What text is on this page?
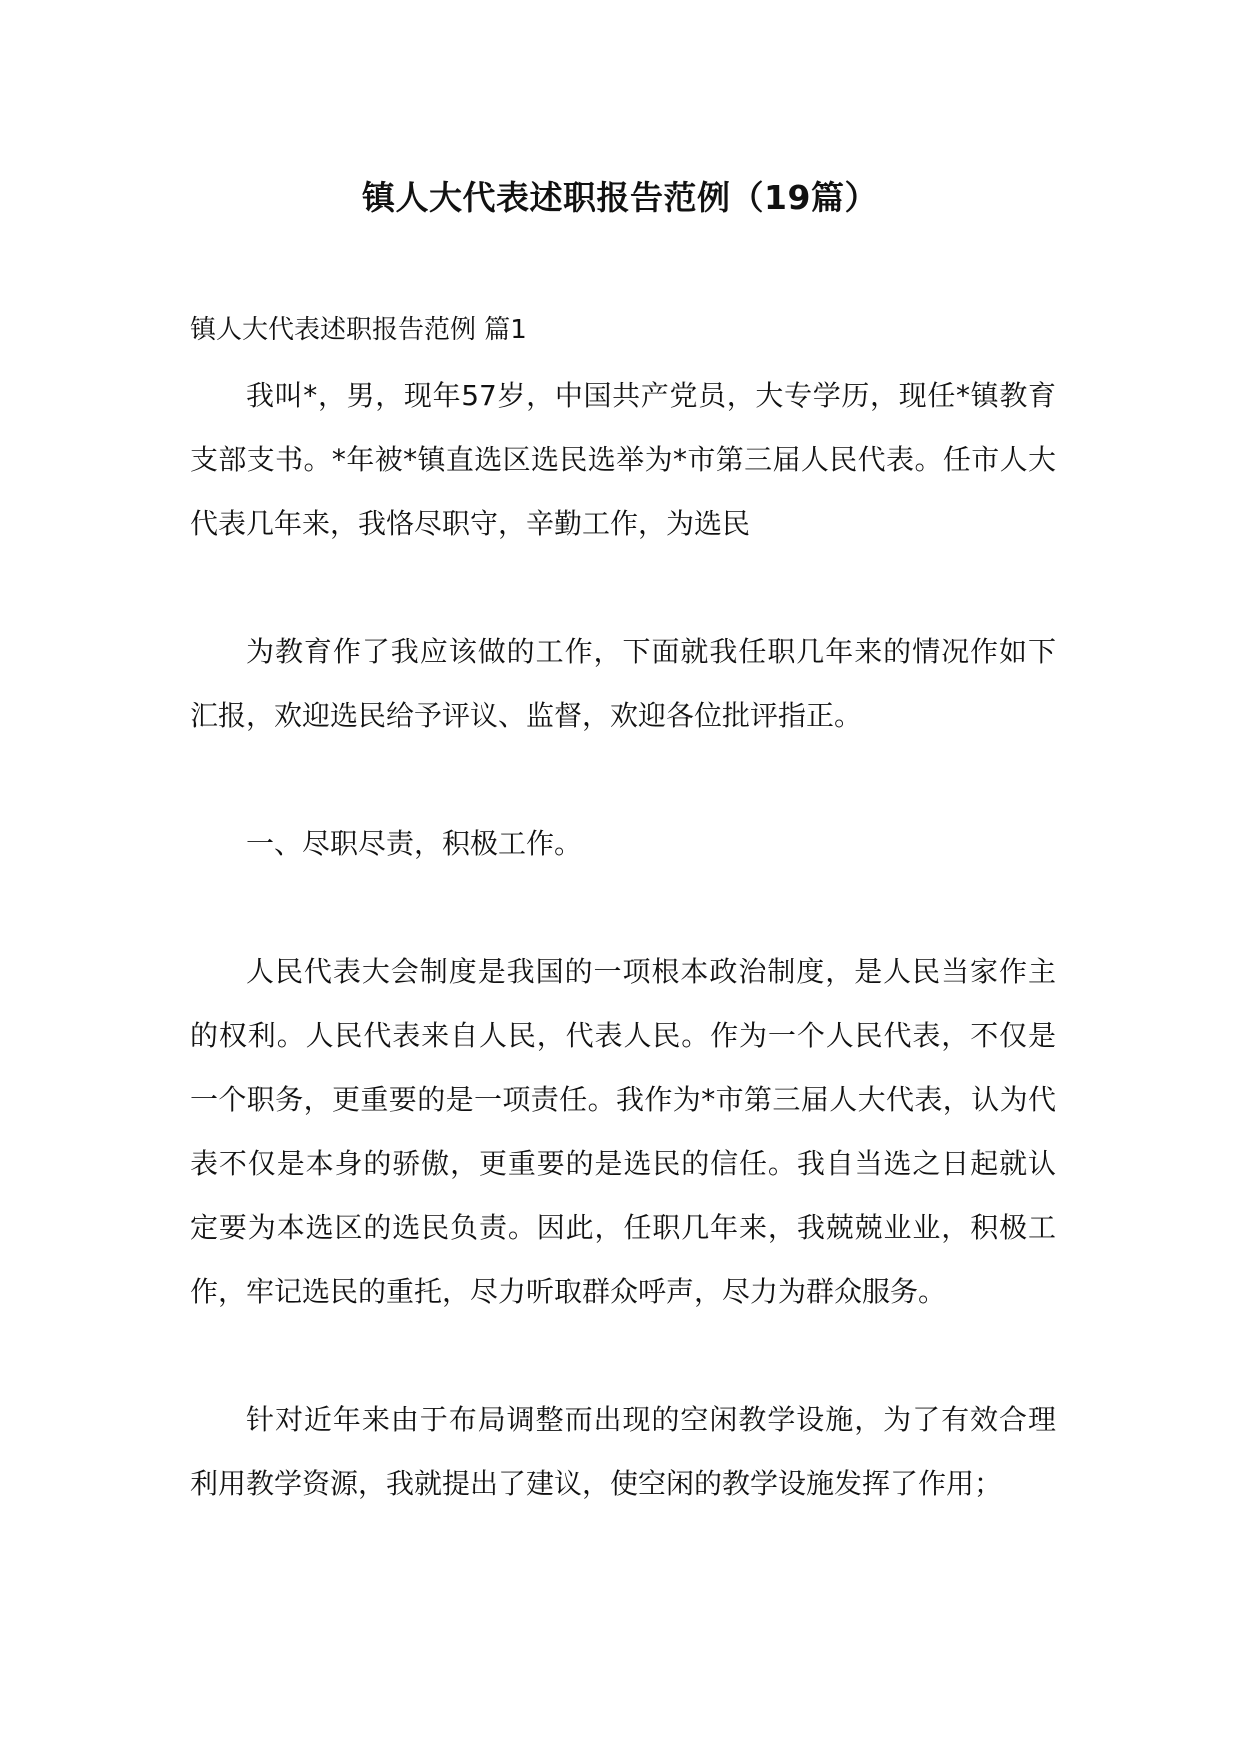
镇人大代表述职报告范例（19篇）

镇人大代表述职报告范例 篇1

我叫*，男，现年57岁，中国共产党员，大专学历，现任*镇教育支部支书。*年被*镇直选区选民选举为*市第三届人民代表。任市人大代表几年来，我恪尽职守，辛勤工作，为选民

为教育作了我应该做的工作，下面就我任职几年来的情况作如下汇报，欢迎选民给予评议、监督，欢迎各位批评指正。

一、尽职尽责，积极工作。

人民代表大会制度是我国的一项根本政治制度，是人民当家作主的权利。人民代表来自人民，代表人民。作为一个人民代表，不仅是一个职务，更重要的是一项责任。我作为*市第三届人大代表，认为代表不仅是本身的骄傲，更重要的是选民的信任。我自当选之日起就认定要为本选区的选民负责。因此，任职几年来，我兢兢业业，积极工作，牢记选民的重托，尽力听取群众呼声，尽力为群众服务。

针对近年来由于布局调整而出现的空闲教学设施，为了有效合理利用教学资源，我就提出了建议，使空闲的教学设施发挥了作用；
